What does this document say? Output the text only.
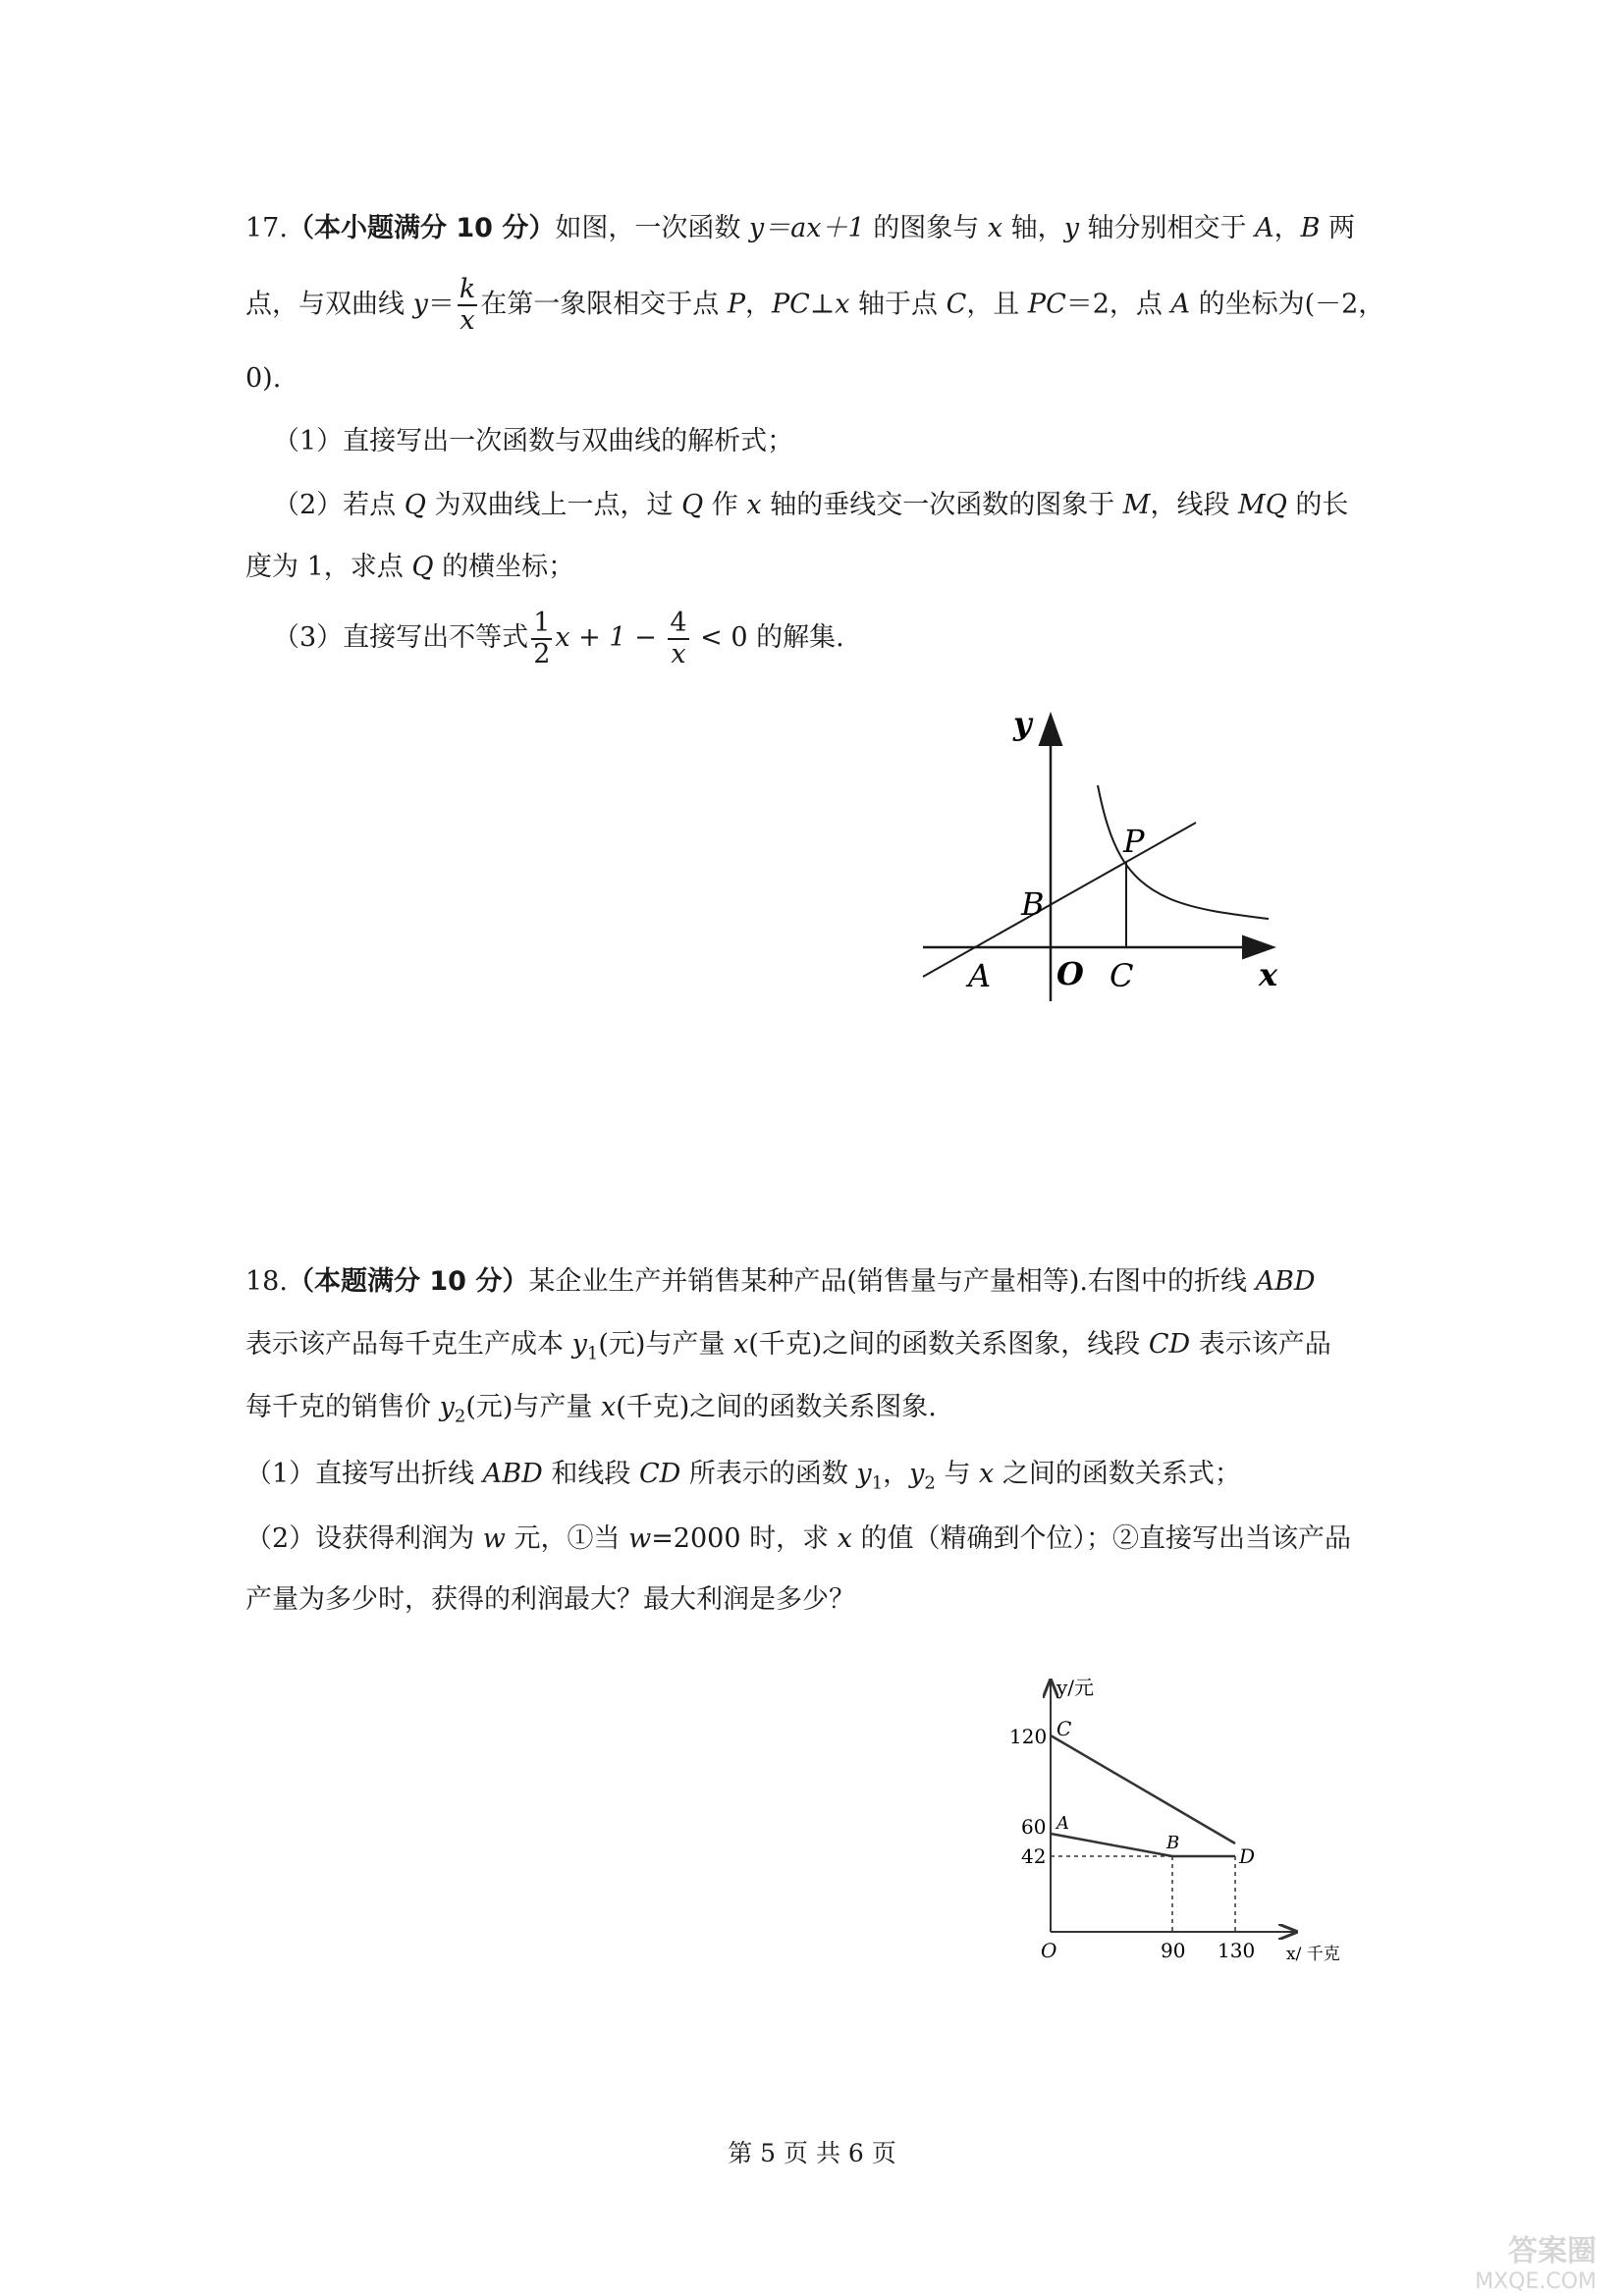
17.（本小题满分 10 分）如图，一次函数 y＝ax＋1 的图象与 x 轴，y 轴分别相交于 A，B 两
点，与双曲线 $y= \frac{k}{x}$ 在第一象限相交于点 P，PC⊥x 轴于点 C，且 PC＝2，点 A 的坐标为(－2，
0).
（1）直接写出一次函数与双曲线的解析式；
（2）若点 Q 为双曲线上一点，过 Q 作 x 轴的垂线交一次函数的图象于 M，线段 MQ 的长
度为 1，求点 Q 的横坐标；
（3）直接写出不等式 $\frac{1}{2}$ $x + 1 - \frac{4}{x} < 0$ 的解集.
y
P
B
A O C	x
18.（本题满分 10 分）某企业生产并销售某种产品(销售量与产量相等).右图中的折线 ABD
表示该产品每千克生产成本 $y_1$(元)与产量 x(千克)之间的函数关系图象，线段 CD 表示该产品
每千克的销售价 $y_2$(元)与产量 x(千克)之间的函数关系图象.
（1）直接写出折线 ABD 和线段 CD 所表示的函数 $y_1$，$y_2$ 与 x 之间的函数关系式；
（2）设获得利润为 w 元，①当 w=2000 时，求 x 的值（精确到个位）；②直接写出当该产品
产量为多少时，获得的利润最大？最大利润是多少？
y/元
120 C
60 A
42
B
D
O	90 130 x/ 千克
第 5 页 共 6 页
答案圈
MXQE.COM
